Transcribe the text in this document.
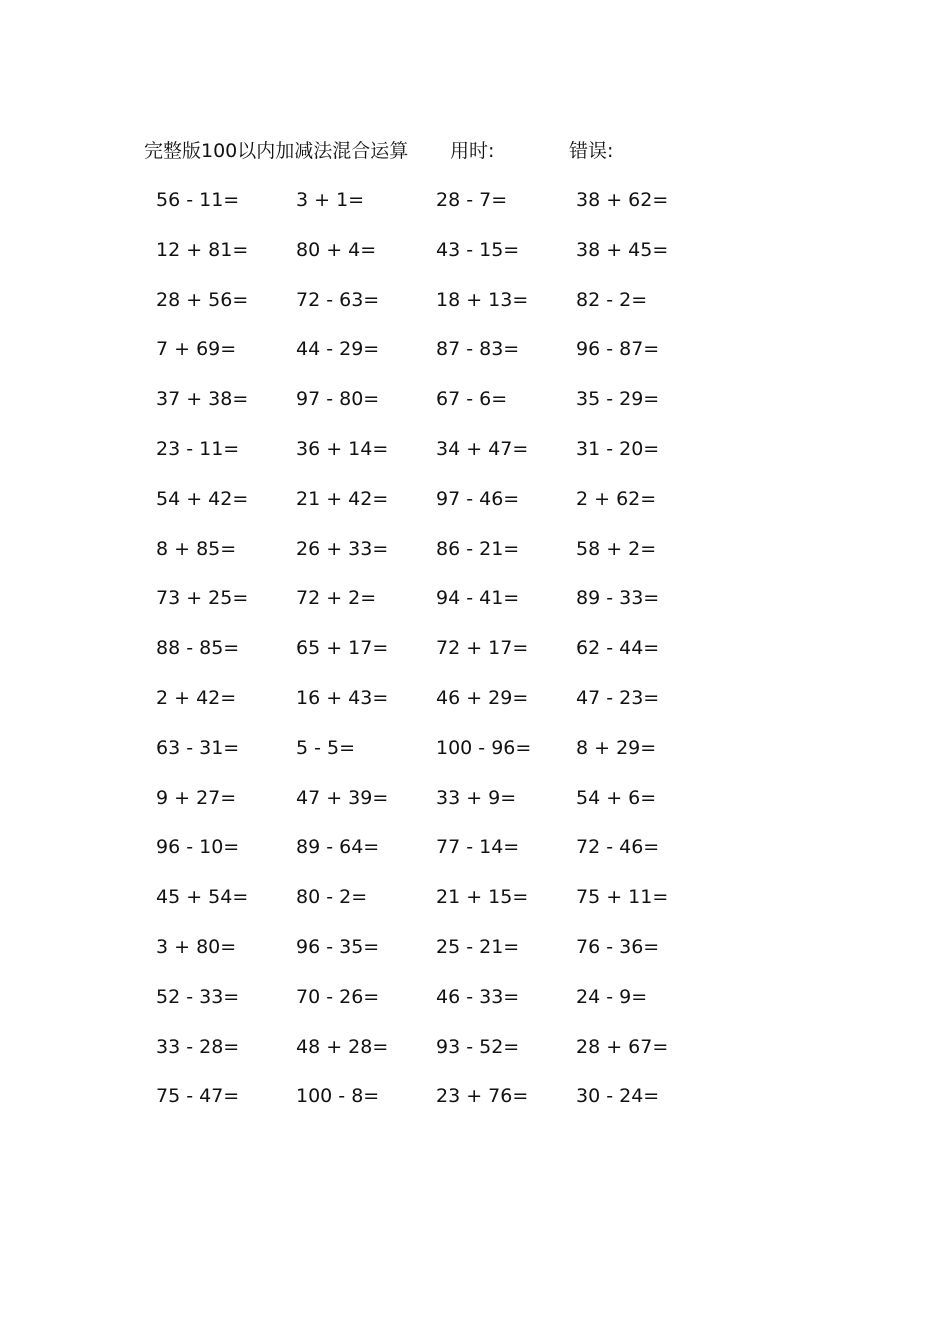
完整版100以内加减法混合运算 用时:	错误:
56 - 11=	3 + 1=	28 - 7=	38 + 62=
12 + 81=	80 + 4=	43 - 15=	38 + 45=
28 + 56=	72 - 63=	18 + 13=	82 - 2=
7 + 69=	44 - 29=	87 - 83=	96 - 87=
37 + 38=	97 - 80=	67 - 6=	35 - 29=
23 - 11=	36 + 14=	34 + 47=	31 - 20=
54 + 42=	21 + 42=	97 - 46=	2 + 62=
8 + 85=	26 + 33=	86 - 21=	58 + 2=
73 + 25=	72 + 2=	94 - 41=	89 - 33=
88 - 85=	65 + 17=	72 + 17=	62 - 44=
2 + 42=	16 + 43=	46 + 29=	47 - 23=
63 - 31=	5 - 5=	100 - 96= 8 + 29=
9 + 27=	47 + 39=	33 + 9=	54 + 6=
96 - 10=	89 - 64=	77 - 14=	72 - 46=
45 + 54=	80 - 2=	21 + 15=	75 + 11=
3 + 80=	96 - 35=	25 - 21=	76 - 36=
52 - 33=	70 - 26=	46 - 33=	24 - 9=
33 - 28=	48 + 28=	93 - 52=	28 + 67=
75 - 47=	100 - 8=	23 + 76=	30 - 24=
